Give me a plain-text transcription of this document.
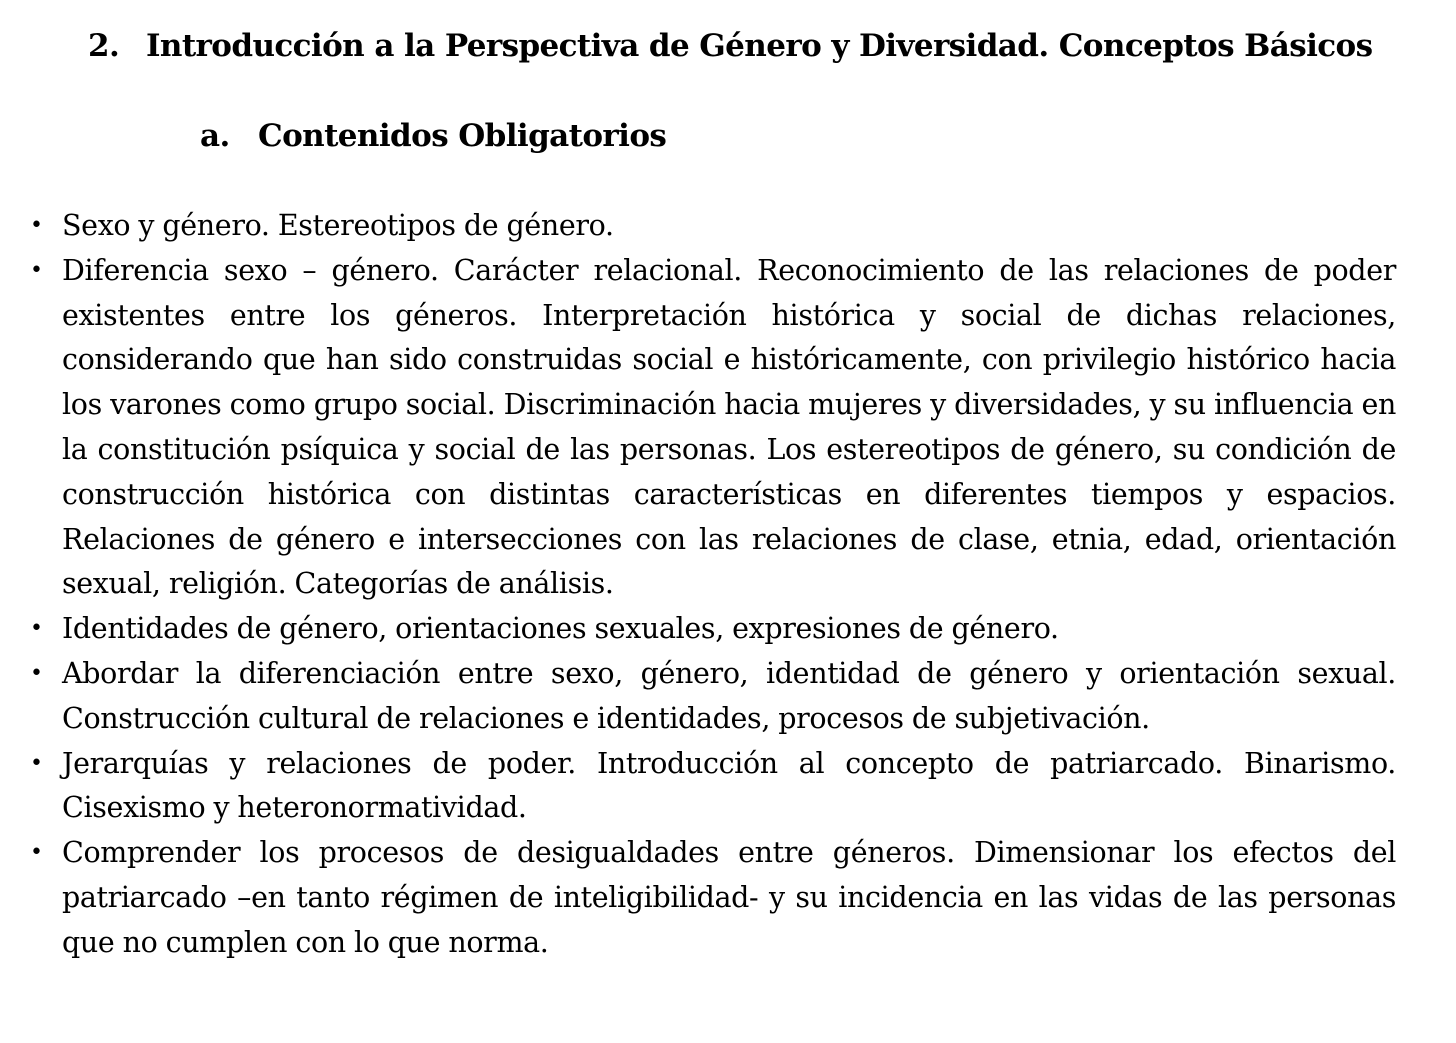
2. Introducción a la Perspectiva de Género y Diversidad. Conceptos Básicos
a. Contenidos Obligatorios
• Sexo y género. Estereotipos de género.
• Diferencia sexo – género. Carácter relacional. Reconocimiento de las relaciones de poder existentes entre los géneros. Interpretación histórica y social de dichas relaciones, considerando que han sido construidas social e históricamente, con privilegio histórico hacia los varones como grupo social. Discriminación hacia mujeres y diversidades, y su influencia en la constitución psíquica y social de las personas. Los estereotipos de género, su condición de construcción histórica con distintas características en diferentes tiempos y espacios. Relaciones de género e intersecciones con las relaciones de clase, etnia, edad, orientación sexual, religión. Categorías de análisis.
• Identidades de género, orientaciones sexuales, expresiones de género.
• Abordar la diferenciación entre sexo, género, identidad de género y orientación sexual. Construcción cultural de relaciones e identidades, procesos de subjetivación.
• Jerarquías y relaciones de poder. Introducción al concepto de patriarcado. Binarismo. Cisexismo y heteronormatividad.
• Comprender los procesos de desigualdades entre géneros. Dimensionar los efectos del patriarcado –en tanto régimen de inteligibilidad- y su incidencia en las vidas de las personas que no cumplen con lo que norma.
